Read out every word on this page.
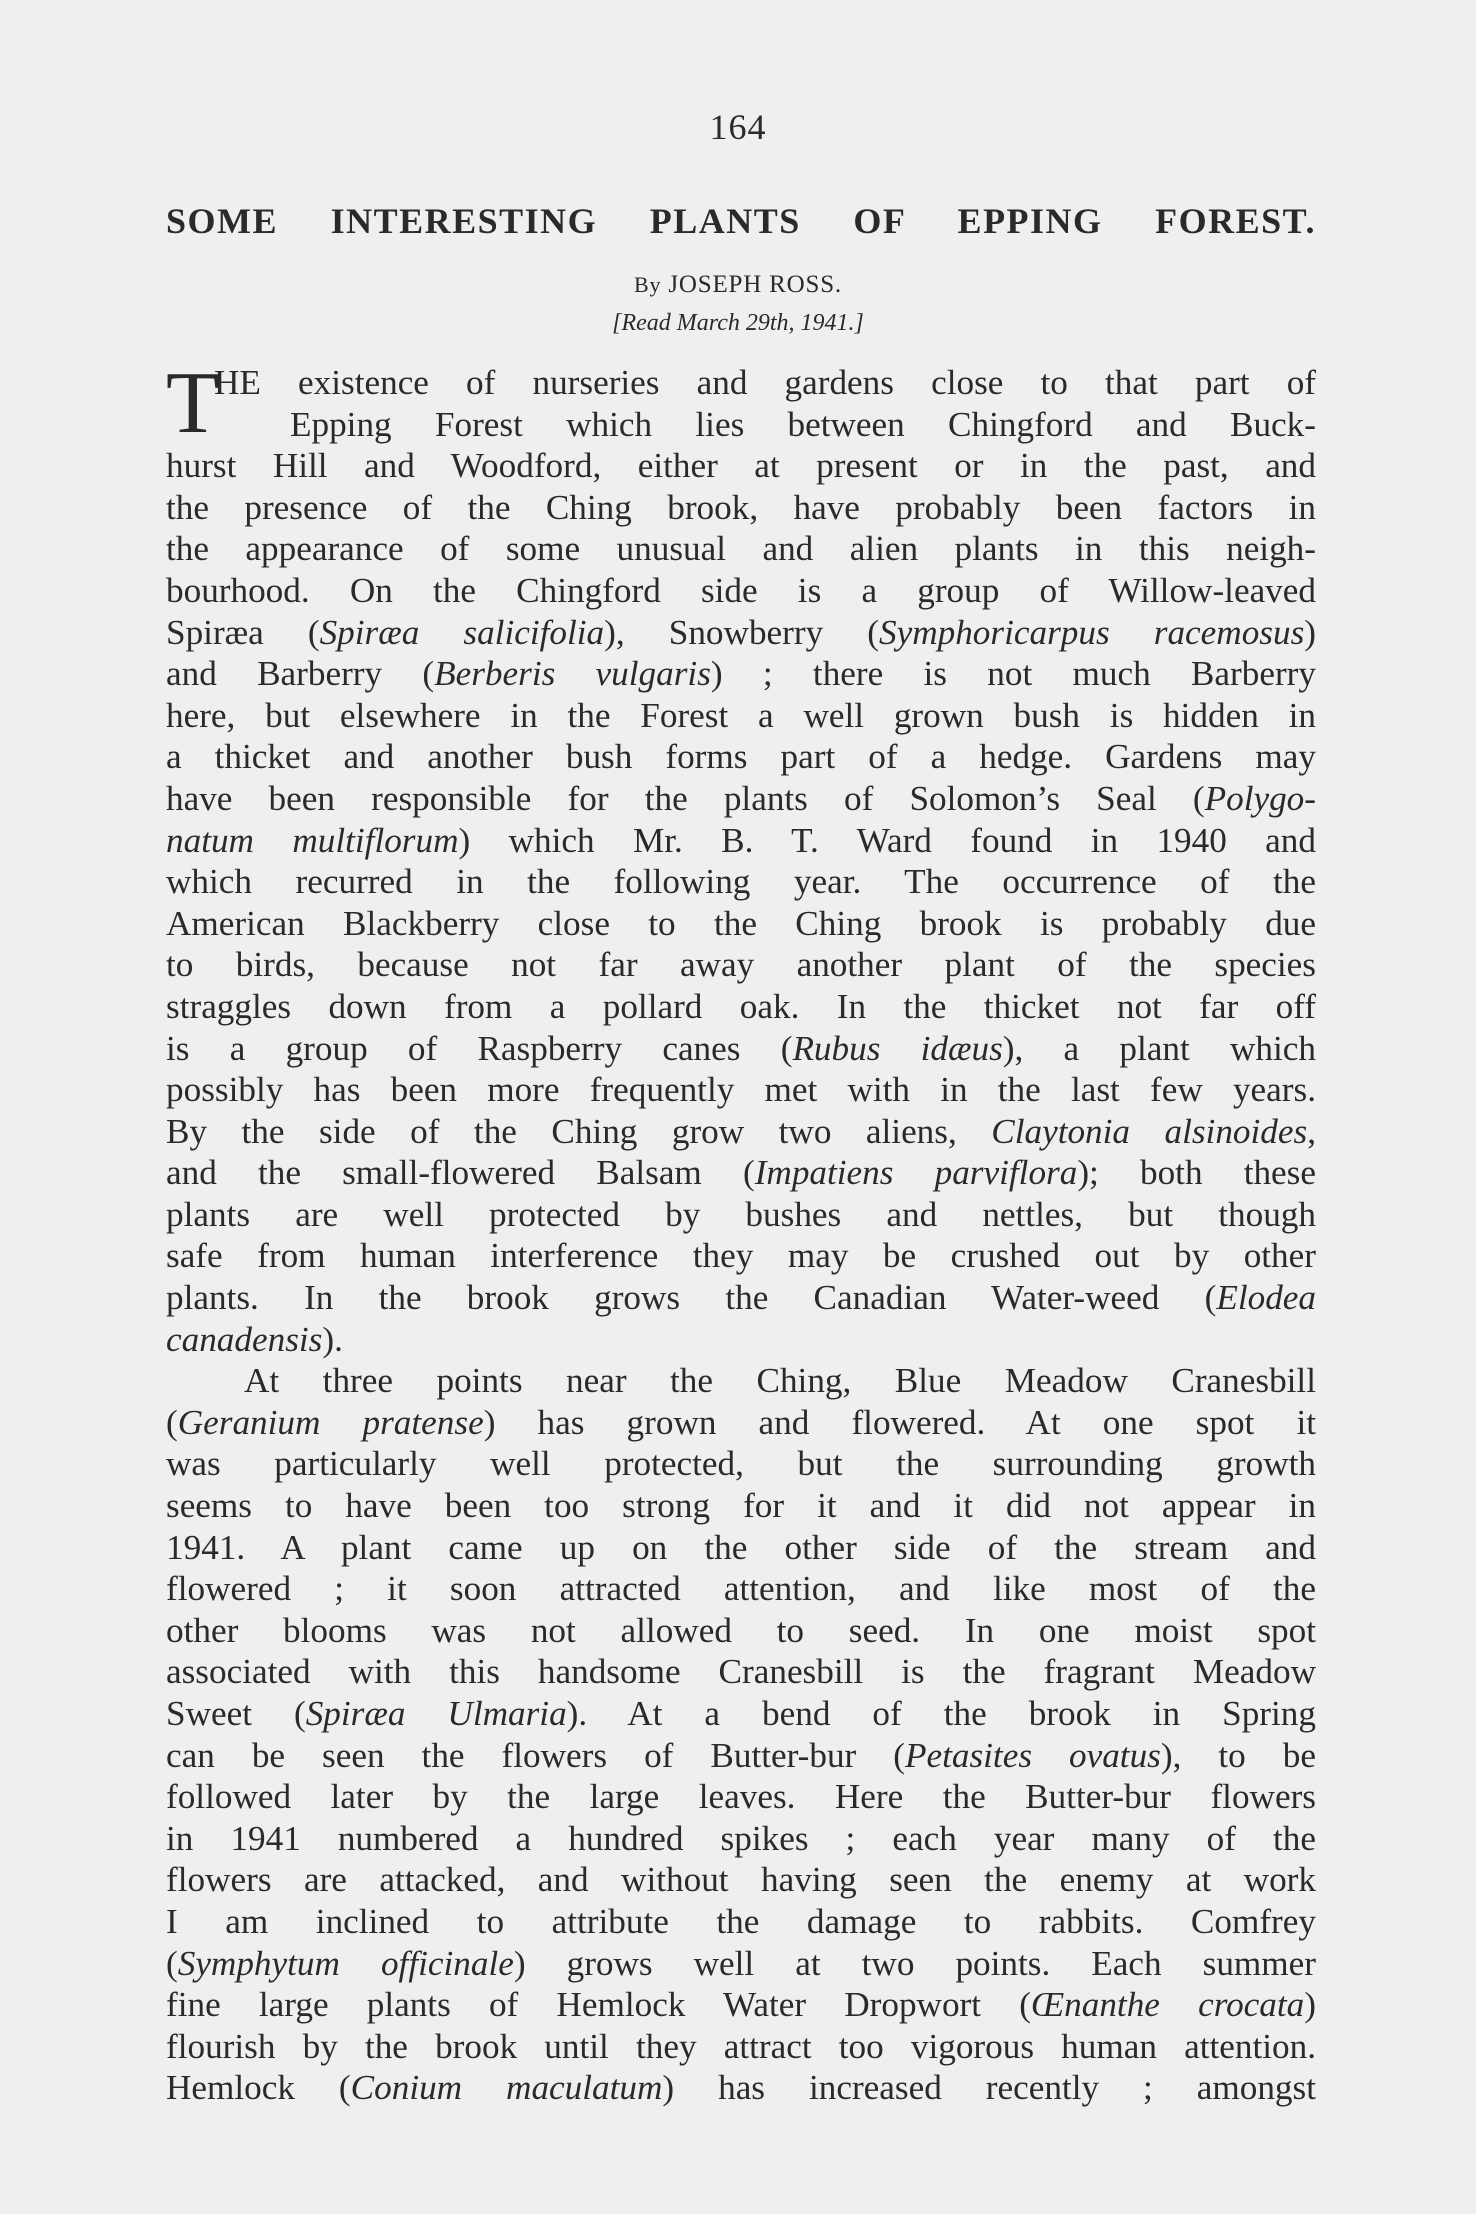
164
SOME INTERESTING PLANTS OF EPPING FOREST.
By JOSEPH ROSS.
[Read March 29th, 1941.]
T
HE existence of nurseries and gardens close to that part of
Epping Forest which lies between Chingford and Buck-
hurst Hill and Woodford, either at present or in the past, and
the presence of the Ching brook, have probably been factors in
the appearance of some unusual and alien plants in this neigh-
bourhood. On the Chingford side is a group of Willow-leaved
Spiræa (Spiræa salicifolia), Snowberry (Symphoricarpus racemosus)
and Barberry (Berberis vulgaris) ; there is not much Barberry
here, but elsewhere in the Forest a well grown bush is hidden in
a thicket and another bush forms part of a hedge. Gardens may
have been responsible for the plants of Solomon’s Seal (Polygo-
natum multiflorum) which Mr. B. T. Ward found in 1940 and
which recurred in the following year. The occurrence of the
American Blackberry close to the Ching brook is probably due
to birds, because not far away another plant of the species
straggles down from a pollard oak. In the thicket not far off
is a group of Raspberry canes (Rubus idæus), a plant which
possibly has been more frequently met with in the last few years.
By the side of the Ching grow two aliens, Claytonia alsinoides,
and the small-flowered Balsam (Impatiens parviflora); both these
plants are well protected by bushes and nettles, but though
safe from human interference they may be crushed out by other
plants. In the brook grows the Canadian Water-weed (Elodea
canadensis).
At three points near the Ching, Blue Meadow Cranesbill
(Geranium pratense) has grown and flowered. At one spot it
was particularly well protected, but the surrounding growth
seems to have been too strong for it and it did not appear in
1941. A plant came up on the other side of the stream and
flowered ; it soon attracted attention, and like most of the
other blooms was not allowed to seed. In one moist spot
associated with this handsome Cranesbill is the fragrant Meadow
Sweet (Spiræa Ulmaria). At a bend of the brook in Spring
can be seen the flowers of Butter-bur (Petasites ovatus), to be
followed later by the large leaves. Here the Butter-bur flowers
in 1941 numbered a hundred spikes ; each year many of the
flowers are attacked, and without having seen the enemy at work
I am inclined to attribute the damage to rabbits. Comfrey
(Symphytum officinale) grows well at two points. Each summer
fine large plants of Hemlock Water Dropwort (Œnanthe crocata)
flourish by the brook until they attract too vigorous human attention.
Hemlock (Conium maculatum) has increased recently ; amongst
